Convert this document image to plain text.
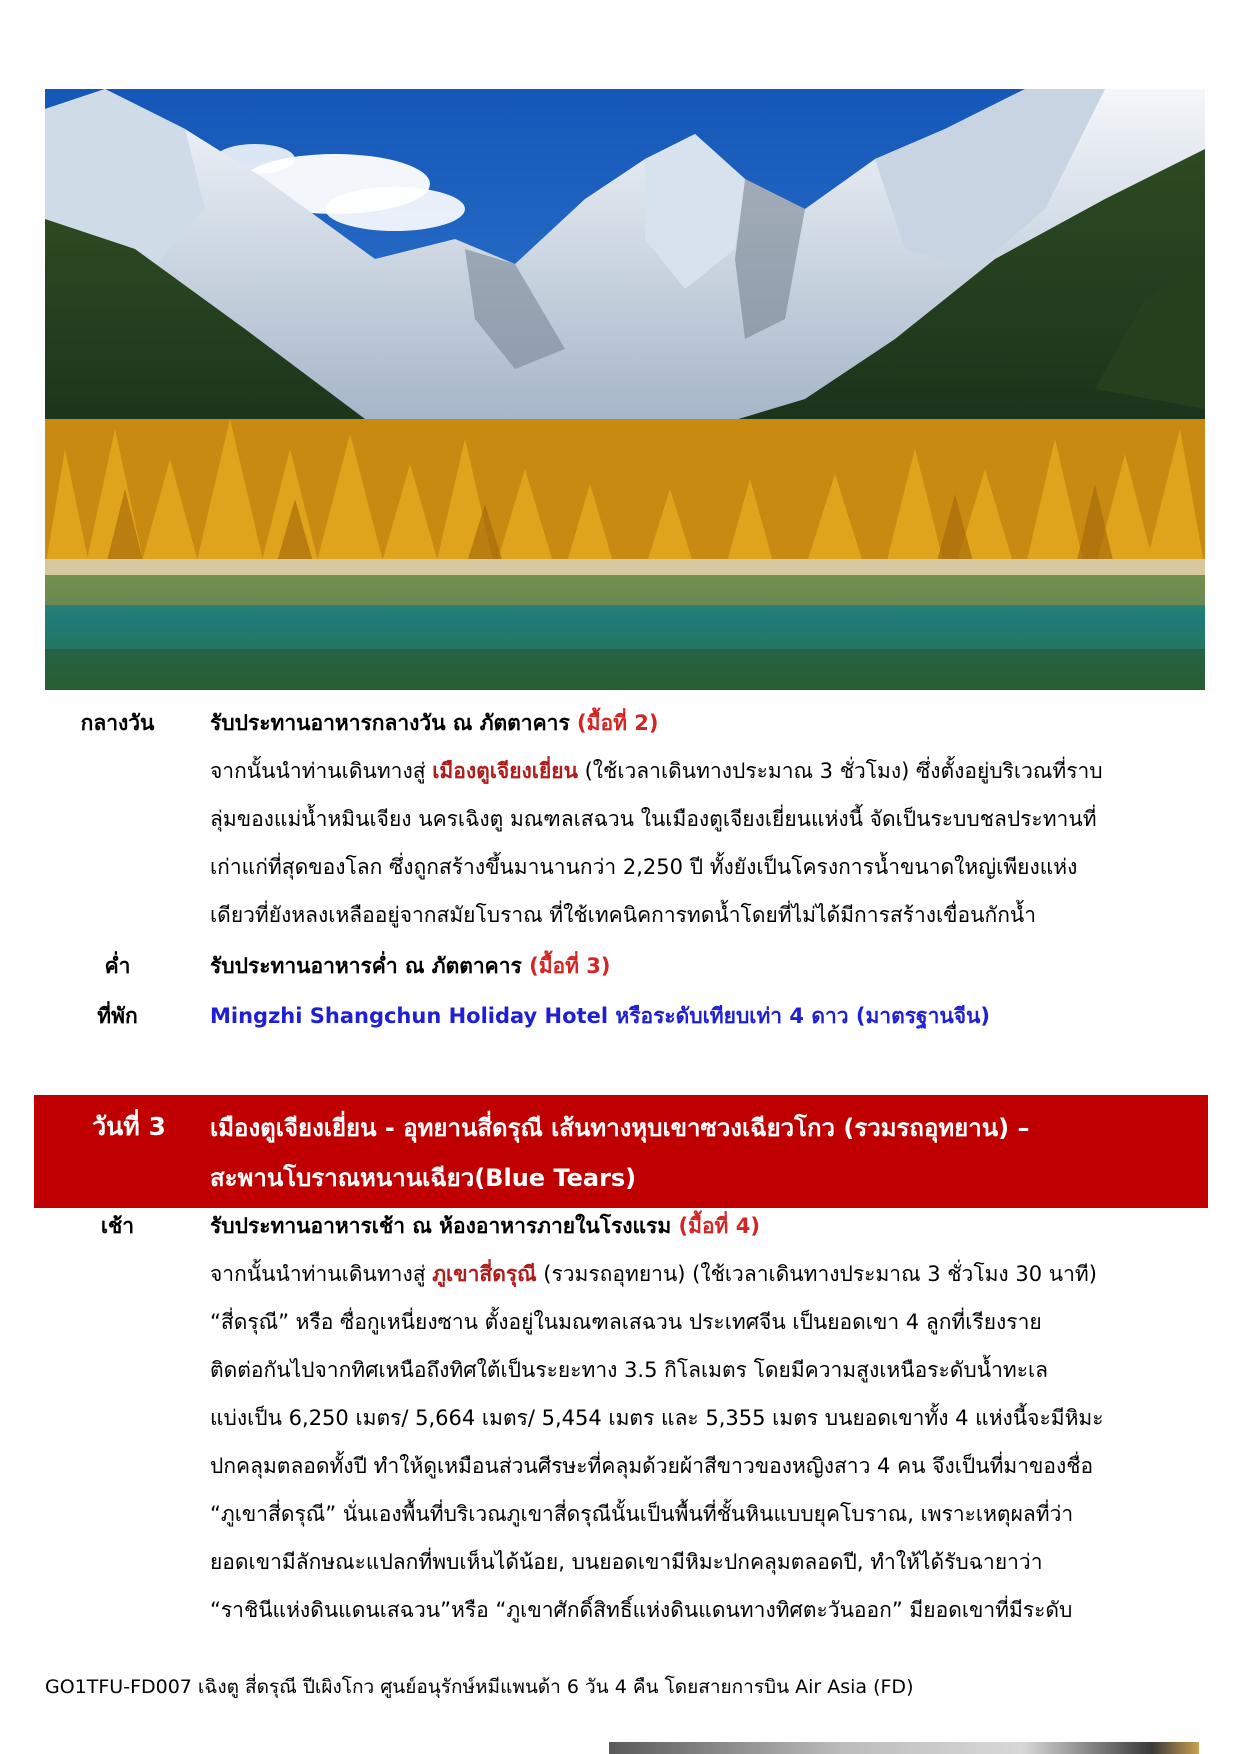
กลางวัน	รับประทานอาหารกลางวัน ณ ภัตตาคาร (มื้อที่ 2)
จากนั้นนำท่านเดินทางสู่ เมืองตูเจียงเยี่ยน (ใช้เวลาเดินทางประมาณ 3 ชั่วโมง) ซึ่งตั้งอยู่บริเวณที่ราบ
ลุ่มของแม่น้ำหมินเจียง นครเฉิงตู มณฑลเสฉวน ในเมืองตูเจียงเยี่ยนแห่งนี้ จัดเป็นระบบชลประทานที่
เก่าแก่ที่สุดของโลก ซึ่งถูกสร้างขึ้นมานานกว่า 2,250 ปี ทั้งยังเป็นโครงการน้ำขนาดใหญ่เพียงแห่ง
เดียวที่ยังหลงเหลืออยู่จากสมัยโบราณ ที่ใช้เทคนิคการทดน้ำโดยที่ไม่ได้มีการสร้างเขื่อนกักน้ำ
ค่ำ	รับประทานอาหารค่ำ ณ ภัตตาคาร (มื้อที่ 3)
ที่พัก	Mingzhi Shangchun Holiday Hotel หรือระดับเทียบเท่า 4 ดาว (มาตรฐานจีน)
วันที่ 3	เมืองตูเจียงเยี่ยน - อุทยานสี่ดรุณี เส้นทางหุบเขาซวงเฉียวโกว (รวมรถอุทยาน) –
สะพานโบราณหนานเฉียว(Blue Tears)
เช้า	รับประทานอาหารเช้า ณ ห้องอาหารภายในโรงแรม (มื้อที่ 4)
จากนั้นนำท่านเดินทางสู่ ภูเขาสี่ดรุณี (รวมรถอุทยาน) (ใช้เวลาเดินทางประมาณ 3 ชั่วโมง 30 นาที)
“สี่ดรุณี” หรือ ซื่อกูเหนี่ยงซาน ตั้งอยู่ในมณฑลเสฉวน ประเทศจีน เป็นยอดเขา 4 ลูกที่เรียงราย
ติดต่อกันไปจากทิศเหนือถึงทิศใต้เป็นระยะทาง 3.5 กิโลเมตร โดยมีความสูงเหนือระดับน้ำทะเล
แบ่งเป็น 6,250 เมตร/ 5,664 เมตร/ 5,454 เมตร และ 5,355 เมตร บนยอดเขาทั้ง 4 แห่งนี้จะมีหิมะ
ปกคลุมตลอดทั้งปี ทำให้ดูเหมือนส่วนศีรษะที่คลุมด้วยผ้าสีขาวของหญิงสาว 4 คน จึงเป็นที่มาของชื่อ
“ภูเขาสี่ดรุณี” นั่นเองพื้นที่บริเวณภูเขาสี่ดรุณีนั้นเป็นพื้นที่ชั้นหินแบบยุคโบราณ, เพราะเหตุผลที่ว่า
ยอดเขามีลักษณะแปลกที่พบเห็นได้น้อย, บนยอดเขามีหิมะปกคลุมตลอดปี, ทำให้ได้รับฉายาว่า
“ราชินีแห่งดินแดนเสฉวน”หรือ “ภูเขาศักดิ์สิทธิ์แห่งดินแดนทางทิศตะวันออก” มียอดเขาที่มีระดับ
GO1TFU-FD007 เฉิงตู สี่ดรุณี ปีเผิงโกว ศูนย์อนุรักษ์หมีแพนด้า 6 วัน 4 คืน โดยสายการบิน Air Asia (FD)
